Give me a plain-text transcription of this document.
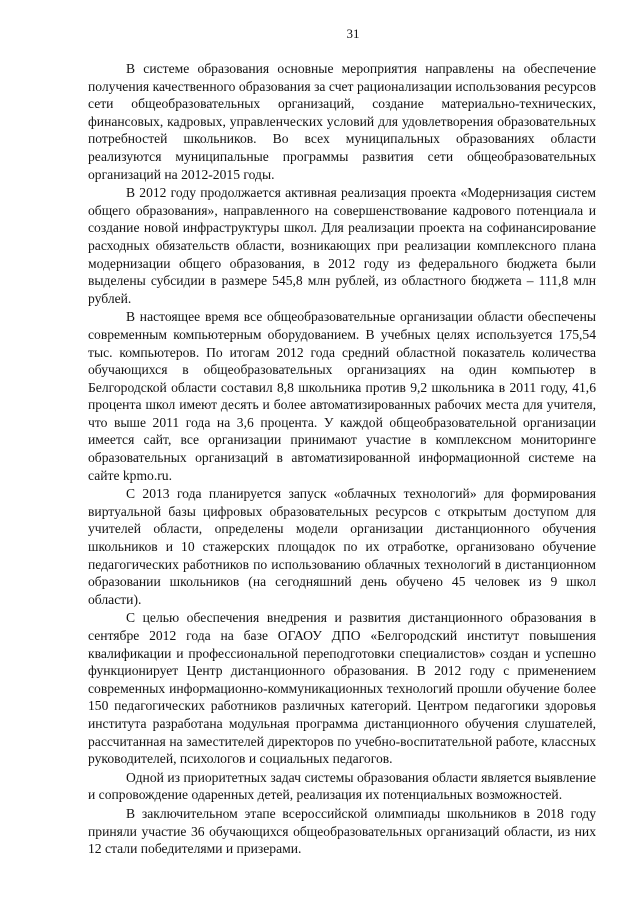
31

В системе образования основные мероприятия направлены на обеспечение получения качественного образования за счет рационализации использования ресурсов сети общеобразовательных организаций, создание материально-технических, финансовых, кадровых, управленческих условий для удовлетворения образовательных потребностей школьников. Во всех муниципальных образованиях области реализуются муниципальные программы развития сети общеобразовательных организаций на 2012-2015 годы.

В 2012 году продолжается активная реализация проекта «Модернизация систем общего образования», направленного на совершенствование кадрового потенциала и создание новой инфраструктуры школ. Для реализации проекта на софинансирование расходных обязательств области, возникающих при реализации комплексного плана модернизации общего образования, в 2012 году из федерального бюджета были выделены субсидии в размере 545,8 млн рублей, из областного бюджета – 111,8 млн рублей.

В настоящее время все общеобразовательные организации области обеспечены современным компьютерным оборудованием. В учебных целях используется 175,54 тыс. компьютеров. По итогам 2012 года средний областной показатель количества обучающихся в общеобразовательных организациях на один компьютер в Белгородской области составил 8,8 школьника против 9,2 школьника в 2011 году, 41,6 процента школ имеют десять и более автоматизированных рабочих места для учителя, что выше 2011 года на 3,6 процента. У каждой общеобразовательной организации имеется сайт, все организации принимают участие в комплексном мониторинге образовательных организаций в автоматизированной информационной системе на сайте kpmo.ru.

С 2013 года планируется запуск «облачных технологий» для формирования виртуальной базы цифровых образовательных ресурсов с открытым доступом для учителей области, определены модели организации дистанционного обучения школьников и 10 стажерских площадок по их отработке, организовано обучение педагогических работников по использованию облачных технологий в дистанционном образовании школьников (на сегодняшний день обучено 45 человек из 9 школ области).

С целью обеспечения внедрения и развития дистанционного образования в сентябре 2012 года на базе ОГАОУ ДПО «Белгородский институт повышения квалификации и профессиональной переподготовки специалистов» создан и успешно функционирует Центр дистанционного образования. В 2012 году с применением современных информационно-коммуникационных технологий прошли обучение более 150 педагогических работников различных категорий. Центром педагогики здоровья института разработана модульная программа дистанционного обучения слушателей, рассчитанная на заместителей директоров по учебно-воспитательной работе, классных руководителей, психологов и социальных педагогов.

Одной из приоритетных задач системы образования области является выявление и сопровождение одаренных детей, реализация их потенциальных возможностей.

В заключительном этапе всероссийской олимпиады школьников в 2018 году приняли участие 36 обучающихся общеобразовательных организаций области, из них 12 стали победителями и призерами.
